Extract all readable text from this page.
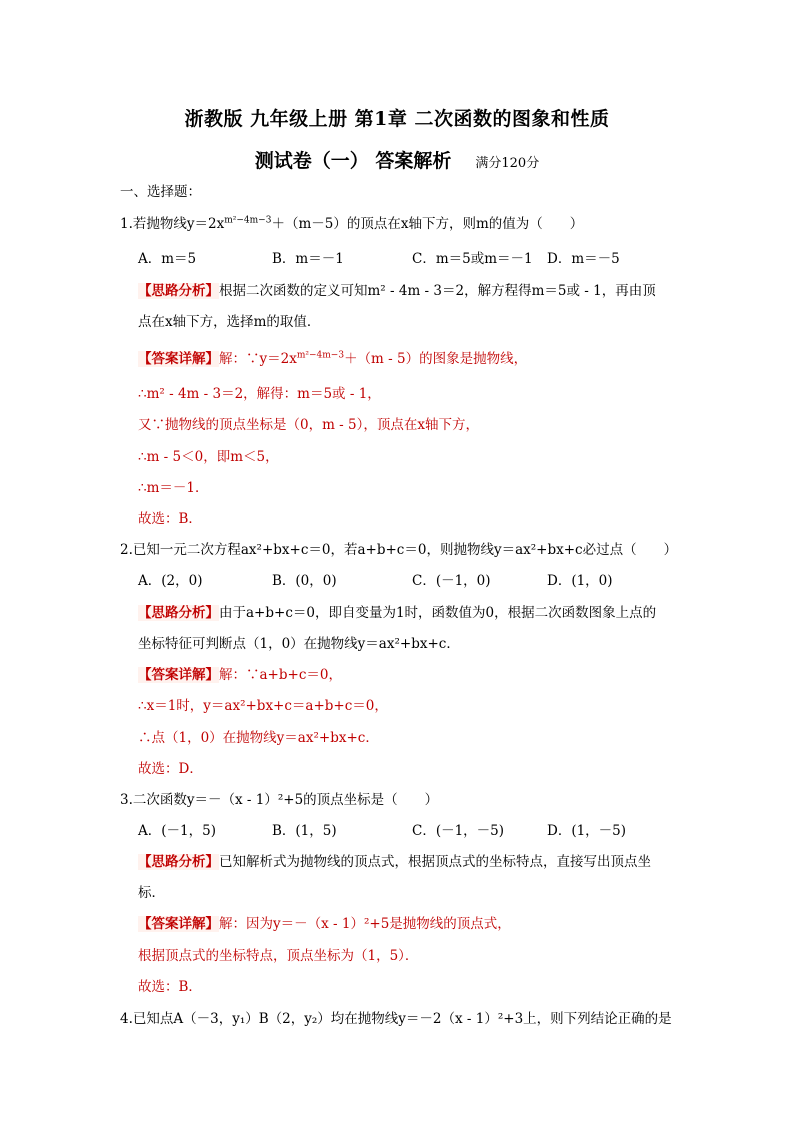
浙教版 九年级上册 第1章 二次函数的图象和性质
测试卷（一） 答案解析 满分120分
一、选择题：
1.若抛物线$y=2x^{m^2-4m-3}+(m-5)$的顶点在x轴下方，则m的值为（　　）
A．m＝5	B．m＝－1	C．m＝5或m＝－1 D．m＝－5
【思路分析】根据二次函数的定义可知m² - 4m - 3＝2，解方程得m＝5或 - 1，再由顶
点在x轴下方，选择m的取值．
【答案详解】解：$\because y=2x^{m^2-4m-3}+(m - 5)$的图象是抛物线，
∴m² - 4m - 3＝2，解得：m＝5或 - 1，
又∵抛物线的顶点坐标是（0，m - 5），顶点在x轴下方，
∴m - 5＜0，即m＜5，
∴m＝－1．
故选：B．
2.已知一元二次方程ax²+bx+c＝0，若a+b+c＝0，则抛物线y＝ax²+bx+c必过点（　　）
A．(2，0)	B．(0，0)	C．(－1，0)	D．(1，0)
【思路分析】由于a+b+c＝0，即自变量为1时，函数值为0，根据二次函数图象上点的
坐标特征可判断点（1，0）在抛物线y＝ax²+bx+c．
【答案详解】解：∵a+b+c＝0，
∴x＝1时，y＝ax²+bx+c＝a+b+c＝0，
∴点（1，0）在抛物线y＝ax²+bx+c．
故选：D．
3.二次函数y＝－（x - 1）²+5的顶点坐标是（　　）
A．(－1，5)	B．(1，5)	C．(－1，－5)	D．(1，－5)
【思路分析】已知解析式为抛物线的顶点式，根据顶点式的坐标特点，直接写出顶点坐
标．
【答案详解】解：因为y＝－（x - 1）²+5是抛物线的顶点式，
根据顶点式的坐标特点，顶点坐标为（1，5）．
故选：B．
4.已知点A（－3，y₁）B（2，y₂）均在抛物线y＝－2（x - 1）²+3上，则下列结论正确的是
